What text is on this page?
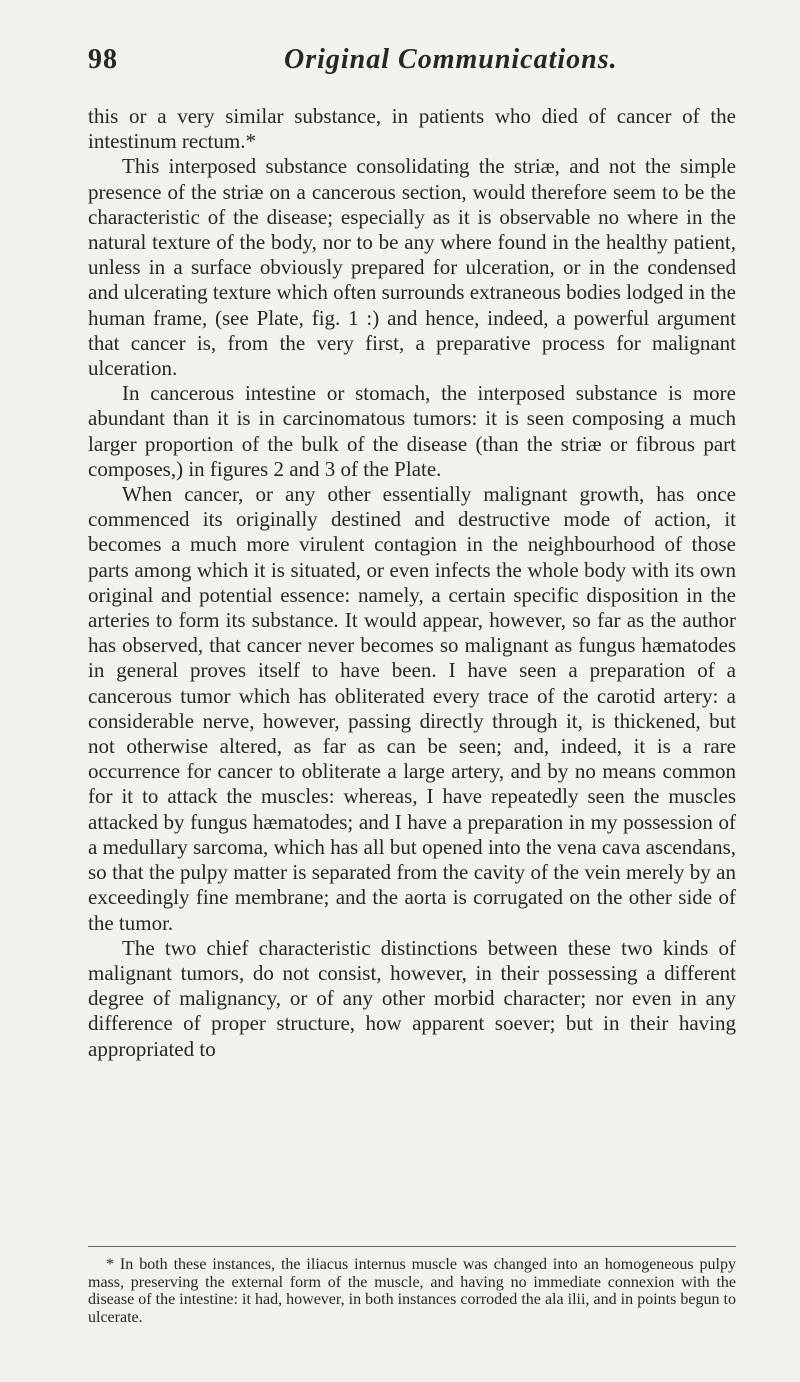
98	Original Communications.

this or a very similar substance, in patients who died of cancer of the intestinum rectum.*

This interposed substance consolidating the striæ, and not the simple presence of the striæ on a cancerous section, would therefore seem to be the characteristic of the disease; especially as it is observable no where in the natural texture of the body, nor to be any where found in the healthy patient, unless in a surface obviously prepared for ulceration, or in the condensed and ulcerating texture which often surrounds extraneous bodies lodged in the human frame, (see Plate, fig. 1 :) and hence, indeed, a powerful argument that cancer is, from the very first, a preparative process for malignant ulceration.

In cancerous intestine or stomach, the interposed substance is more abundant than it is in carcinomatous tumors: it is seen composing a much larger proportion of the bulk of the disease (than the striæ or fibrous part composes,) in figures 2 and 3 of the Plate.

When cancer, or any other essentially malignant growth, has once commenced its originally destined and destructive mode of action, it becomes a much more virulent contagion in the neighbourhood of those parts among which it is situated, or even infects the whole body with its own original and potential essence: namely, a certain specific disposition in the arteries to form its substance. It would appear, however, so far as the author has observed, that cancer never becomes so malignant as fungus hæmatodes in general proves itself to have been. I have seen a preparation of a cancerous tumor which has obliterated every trace of the carotid artery: a considerable nerve, however, passing directly through it, is thickened, but not otherwise altered, as far as can be seen; and, indeed, it is a rare occurrence for cancer to obliterate a large artery, and by no means common for it to attack the muscles: whereas, I have repeatedly seen the muscles attacked by fungus hæmatodes; and I have a preparation in my possession of a medullary sarcoma, which has all but opened into the vena cava ascendans, so that the pulpy matter is separated from the cavity of the vein merely by an exceedingly fine membrane; and the aorta is corrugated on the other side of the tumor.

The two chief characteristic distinctions between these two kinds of malignant tumors, do not consist, however, in their possessing a different degree of malignancy, or of any other morbid character; nor even in any difference of proper structure, how apparent soever; but in their having appropriated to

* In both these instances, the iliacus internus muscle was changed into an homogeneous pulpy mass, preserving the external form of the muscle, and having no immediate connexion with the disease of the intestine: it had, however, in both instances corroded the ala ilii, and in points begun to ulcerate.
